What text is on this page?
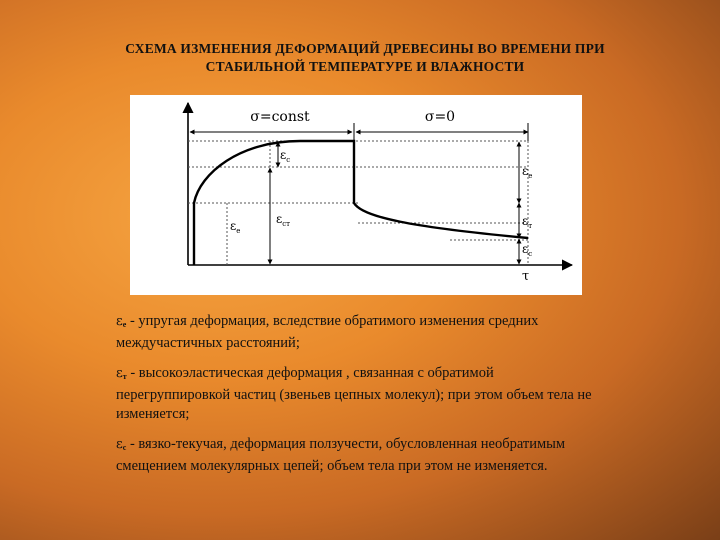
СХЕМА ИЗМЕНЕНИЯ ДЕФОРМАЦИЙ ДРЕВЕСИНЫ ВО ВРЕМЕНИ ПРИ
СТАБИЛЬНОЙ ТЕМПЕРАТУРЕ И ВЛАЖНОСТИ
σ=const	σ=0
$\varepsilon_с$
$\varepsilon_{ст}$
$\varepsilon_е$
$\varepsilon_е$
$\varepsilon_т$
$\varepsilon_с$
τ
$\varepsilon_е$ - упругая деформация, вследствие обратимого изменения средних междучастичных расстояний;
$\varepsilon_т$ - высокоэластическая деформация , связанная с обратимой перегруппировкой частиц (звеньев цепных молекул); при этом объем тела не изменяется;
$\varepsilon_с$ - вязко-текучая, деформация ползучести, обусловленная необратимым смещением молекулярных цепей; объем тела при этом не изменяется.
